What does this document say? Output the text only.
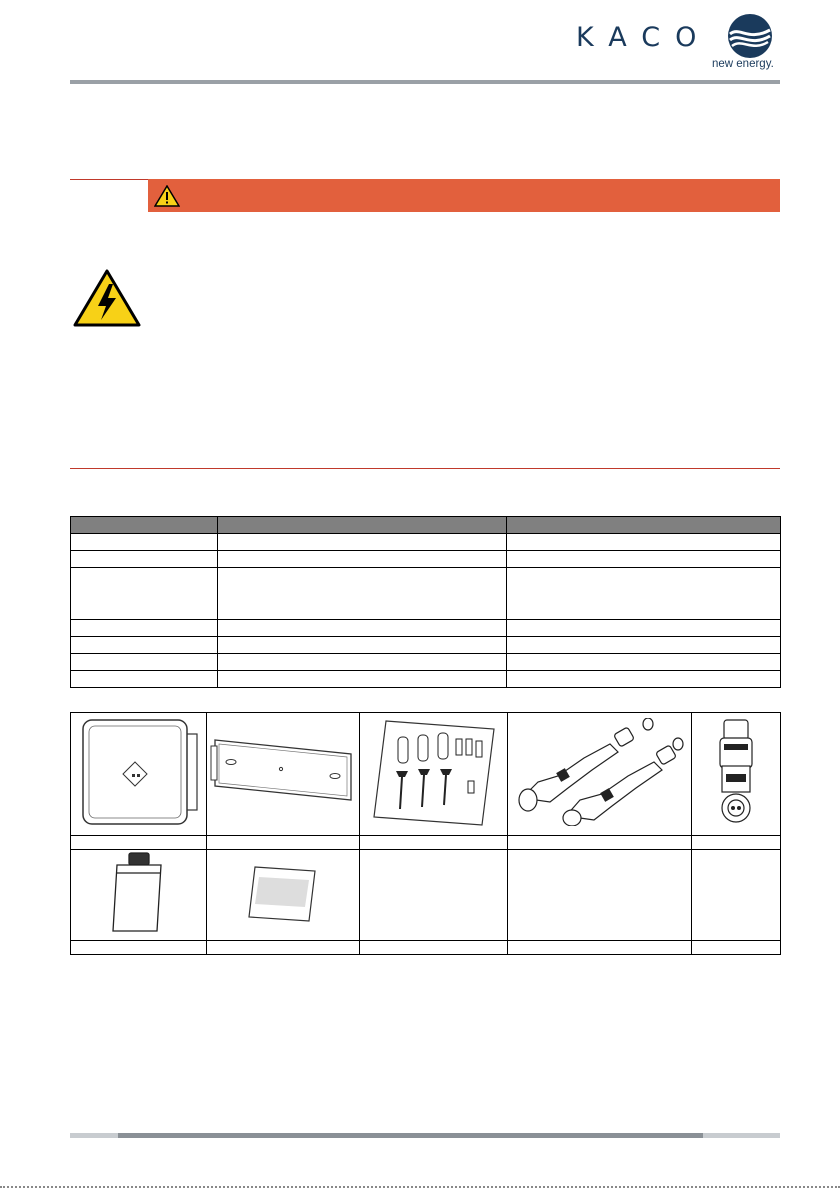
KACO
new energy.
